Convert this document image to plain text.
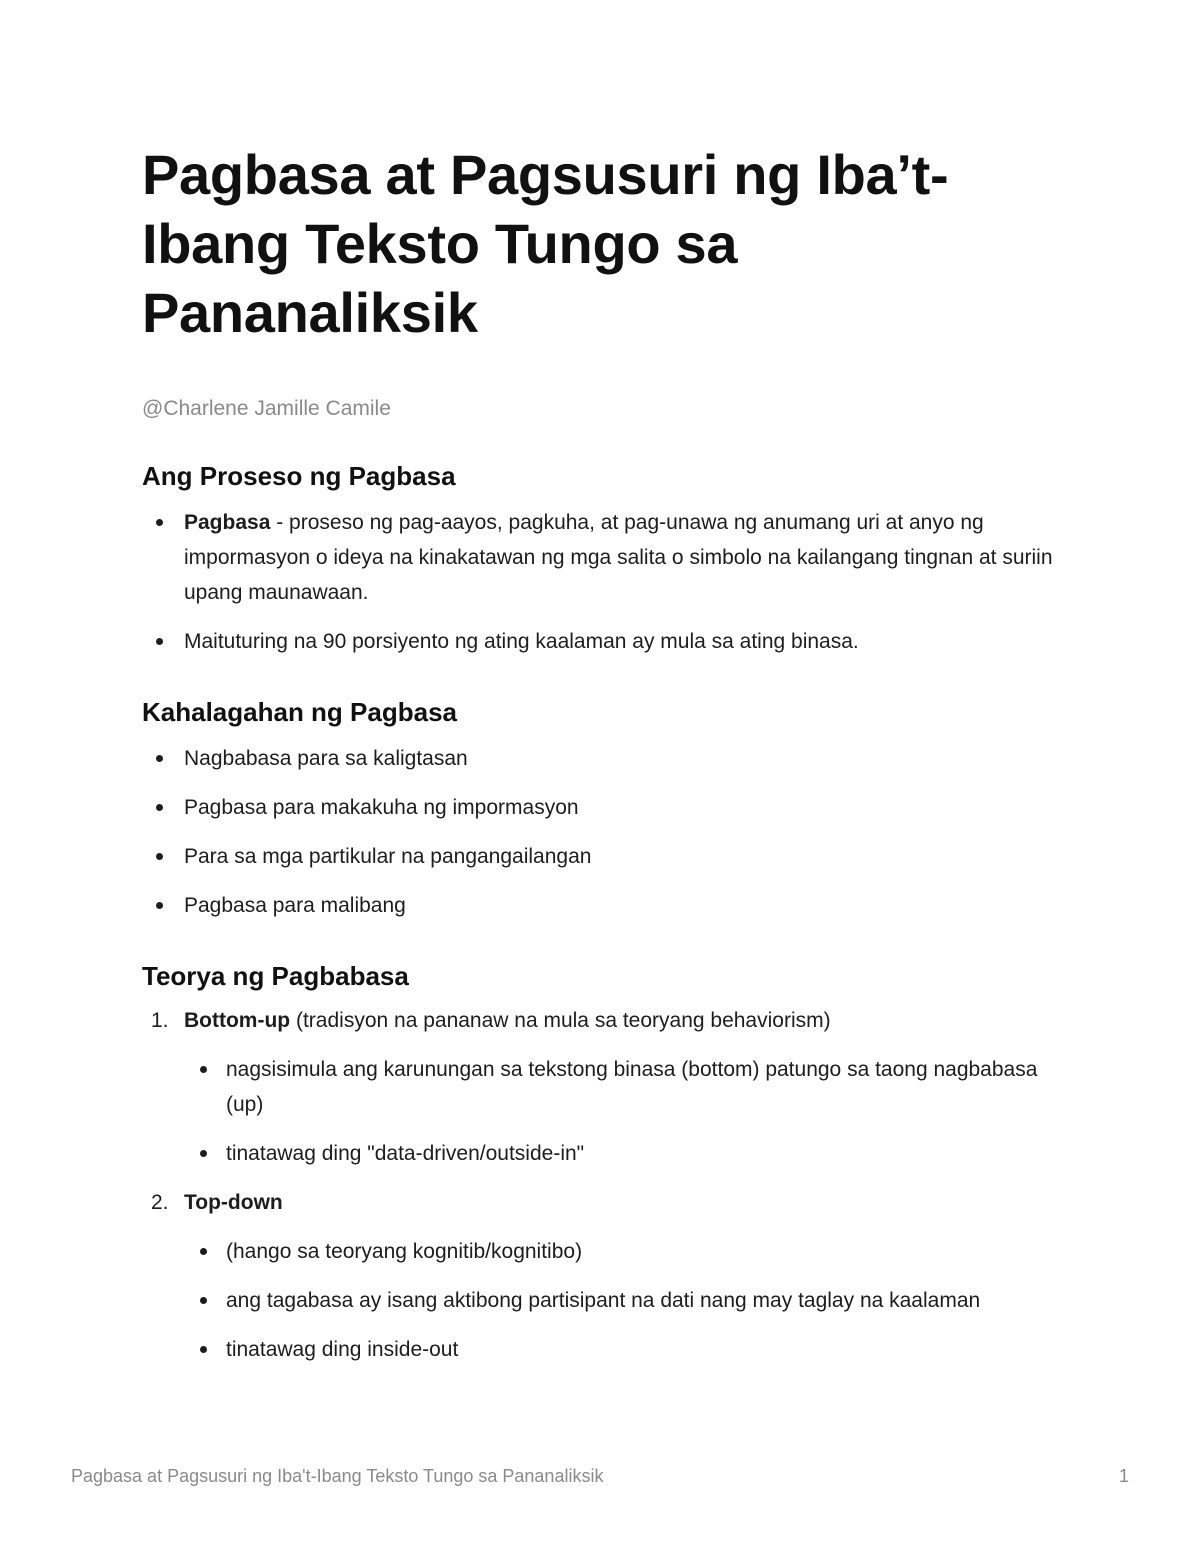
Pagbasa at Pagsusuri ng Iba’t-Ibang Teksto Tungo sa Pananaliksik
@Charlene Jamille Camile
Ang Proseso ng Pagbasa
Pagbasa - proseso ng pag-aayos, pagkuha, at pag-unawa ng anumang uri at anyo ng impormasyon o ideya na kinakatawan ng mga salita o simbolo na kailangang tingnan at suriin upang maunawaan.
Maituturing na 90 porsiyento ng ating kaalaman ay mula sa ating binasa.
Kahalagahan ng Pagbasa
Nagbabasa para sa kaligtasan
Pagbasa para makakuha ng impormasyon
Para sa mga partikular na pangangailangan
Pagbasa para malibang
Teorya ng Pagbabasa
1. Bottom-up (tradisyon na pananaw na mula sa teoryang behaviorism)
nagsisimula ang karunungan sa tekstong binasa (bottom) patungo sa taong nagbabasa (up)
tinatawag ding "data-driven/outside-in"
2. Top-down
(hango sa teoryang kognitib/kognitibo)
ang tagabasa ay isang aktibong partisipant na dati nang may taglay na kaalaman
tinatawag ding inside-out
Pagbasa at Pagsusuri ng Iba't-Ibang Teksto Tungo sa Pananaliksik	1
